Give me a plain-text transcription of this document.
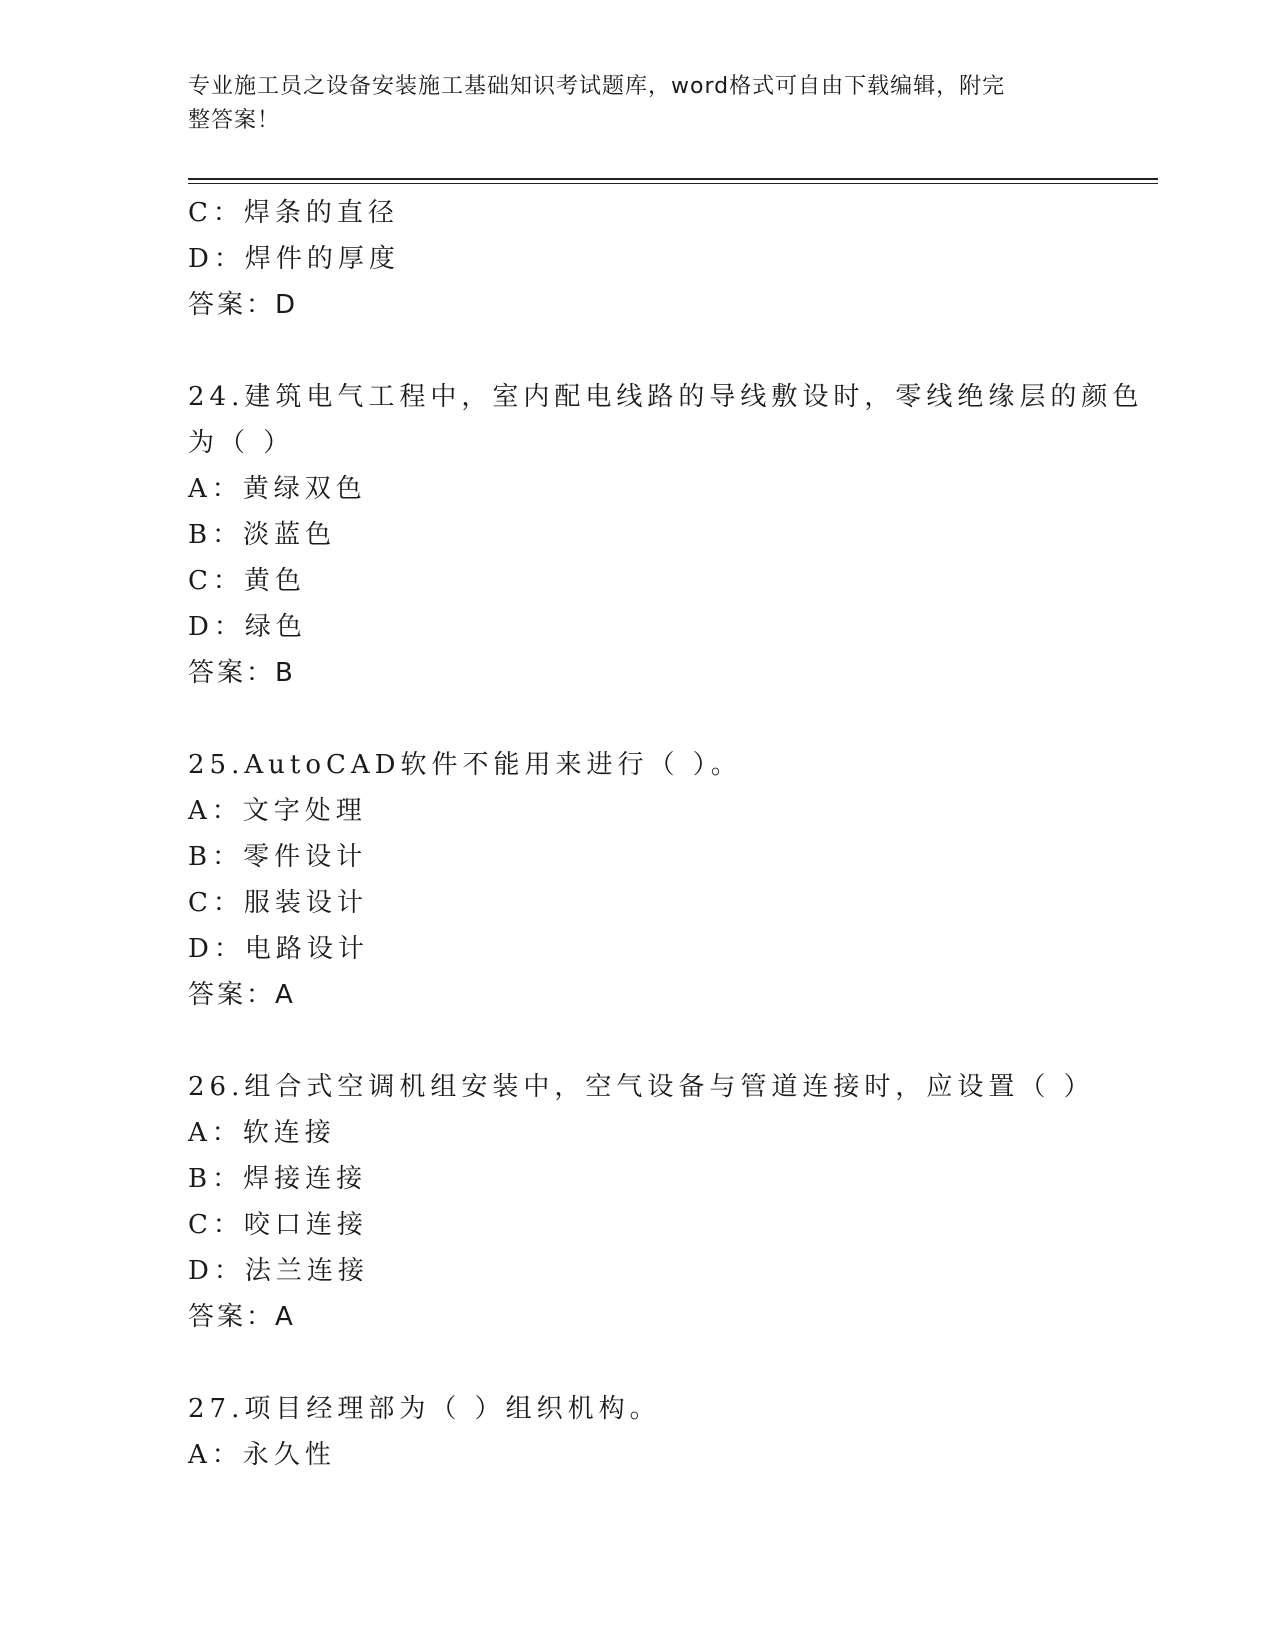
专业施工员之设备安装施工基础知识考试题库，word格式可自由下载编辑，附完
整答案！
C：焊条的直径
D：焊件的厚度
答案：D
24.建筑电气工程中，室内配电线路的导线敷设时，零线绝缘层的颜色
为（ ）
A：黄绿双色
B：淡蓝色
C：黄色
D：绿色
答案：B
25.AutoCAD软件不能用来进行（ ）。
A：文字处理
B：零件设计
C：服装设计
D：电路设计
答案：A
26.组合式空调机组安装中，空气设备与管道连接时，应设置（ ）
A：软连接
B：焊接连接
C：咬口连接
D：法兰连接
答案：A
27.项目经理部为（ ）组织机构。
A：永久性
